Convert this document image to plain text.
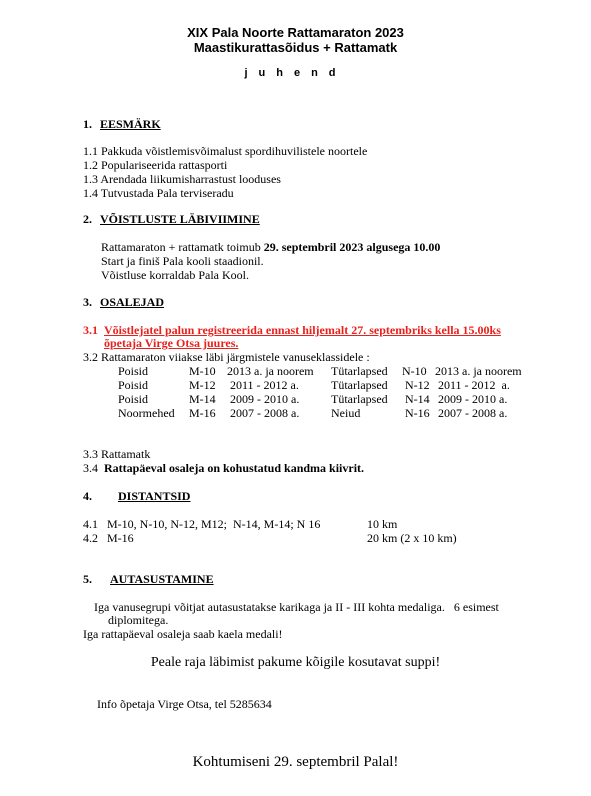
XIX Pala Noorte Rattamaraton 2023
Maastikurattasõidus + Rattamatk
juhend
1. EESMÄRK
1.1 Pakkuda võistlemisvõimalust spordihuvilistele noortele
1.2 Populariseerida rattasporti
1.3 Arendada liikumisharrastust looduses
1.4 Tutvustada Pala terviseradu
2. VÕISTLUSTE LÄBIVIIMINE
Rattamaraton + rattamatk toimub 29. septembril 2023 algusega 10.00
Start ja finiš Pala kooli staadionil.
Võistluse korraldab Pala Kool.
3. OSALEJAD
3.1 Võistlejatel palun registreerida ennast hiljemalt 27. septembriks kella 15.00ks
õpetaja Virge Otsa juures.
3.2 Rattamaraton viiakse läbi järgmistele vanuseklassidele :
Poisid	M-10 2013 a. ja noorem Tütarlapsed N-10 2013 a. ja noorem
Poisid	M-12 2011 - 2012 a.	Tütarlapsed N-12 2011 - 2012  a.
Poisid	M-14 2009 - 2010 a.	Tütarlapsed N-14 2009 - 2010 a.
Noormehed M-16 2007 - 2008 a.	Neiud	N-16 2007 - 2008 a.
3.3 Rattamatk
3.4 Rattapäeval osaleja on kohustatud kandma kiivrit.
4. DISTANTSID
4.1   M-10, N-10, N-12, M12;  N-14, M-14; N 16	10 km
4.2   M-16	20 km (2 x 10 km)
5. AUTASUSTAMINE
Iga vanusegrupi võitjat autasustatakse karikaga ja II - III kohta medaliga.   6 esimest
diplomitega.
Iga rattapäeval osaleja saab kaela medali!
Peale raja läbimist pakume kõigile kosutavat suppi!
Info õpetaja Virge Otsa, tel 5285634
Kohtumiseni 29. septembril Palal!
